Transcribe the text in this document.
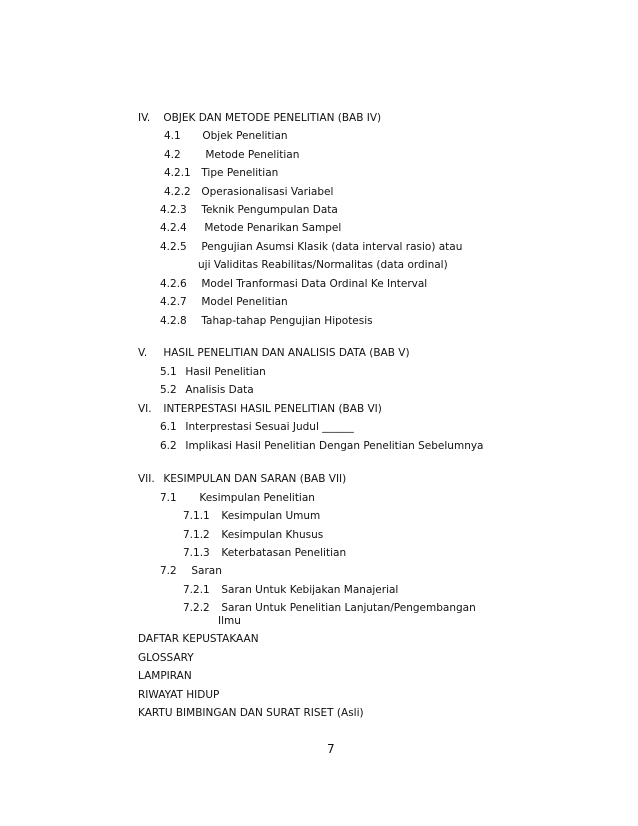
IV. OBJEK DAN METODE PENELITIAN (BAB IV)
4.1 Objek Penelitian
4.2 Metode Penelitian
4.2.1 Tipe Penelitian
4.2.2 Operasionalisasi Variabel
4.2.3 Teknik Pengumpulan Data
4.2.4 Metode Penarikan Sampel
4.2.5 Pengujian Asumsi Klasik (data interval rasio) atau
uji Validitas Reabilitas/Normalitas (data ordinal)
4.2.6 Model Tranformasi Data Ordinal Ke Interval
4.2.7 Model Penelitian
4.2.8 Tahap-tahap Pengujian Hipotesis
V. HASIL PENELITIAN DAN ANALISIS DATA (BAB V)
5.1 Hasil Penelitian
5.2 Analisis Data
VI. INTERPESTASI HASIL PENELITIAN (BAB VI)
6.1 Interprestasi Sesuai Judul ______
6.2 Implikasi Hasil Penelitian Dengan Penelitian Sebelumnya
VII. KESIMPULAN DAN SARAN (BAB VII)
7.1 Kesimpulan Penelitian
7.1.1 Kesimpulan Umum
7.1.2 Kesimpulan Khusus
7.1.3 Keterbatasan Penelitian
7.2 Saran
7.2.1 Saran Untuk Kebijakan Manajerial
7.2.2 Saran Untuk Penelitian Lanjutan/Pengembangan
Ilmu
DAFTAR KEPUSTAKAAN
GLOSSARY
LAMPIRAN
RIWAYAT HIDUP
KARTU BIMBINGAN DAN SURAT RISET (Asli)
7
